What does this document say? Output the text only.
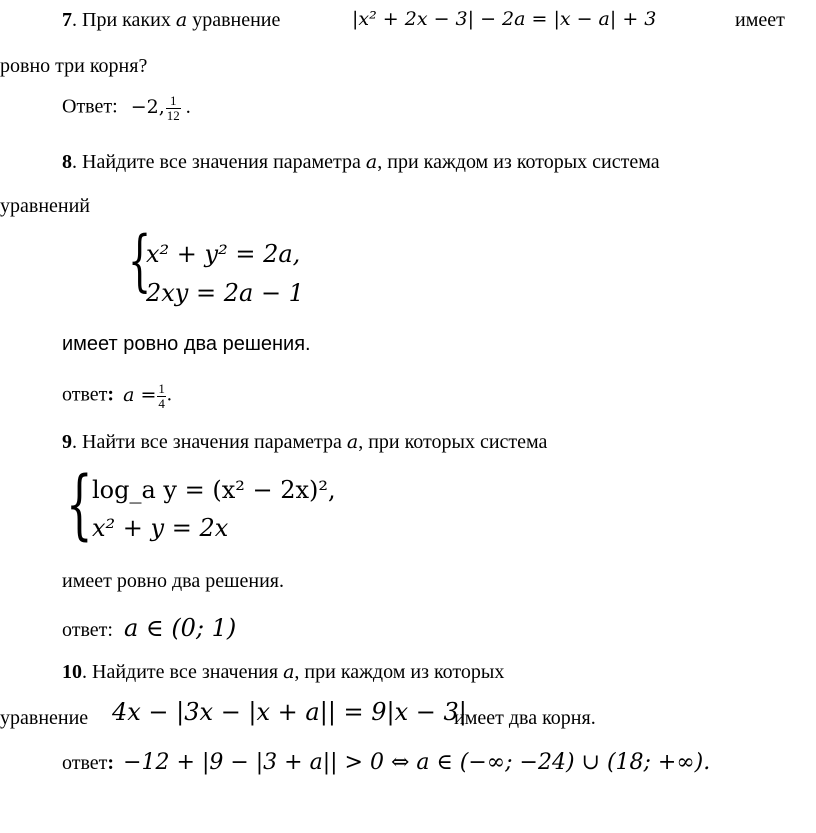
7. При каких a уравнение	|x² + 2x − 3| − 2a = |x − a| + 3	имеет
ровно три корня?
Ответ: −2, $\frac{1}{12}$ .
8. Найдите все значения параметра a, при каждом из которых система
уравнений
{
x² + y² = 2a,
2xy = 2a − 1
имеет ровно два решения.
ответ: $a = \frac{1}{4}$ .
9. Найти все значения параметра a, при которых система
{ log_a y = (x² − 2x)²,
x² + y = 2x
имеет ровно два решения.
ответ: a ∈ (0; 1)
10. Найдите все значения a, при каждом из которых
уравнение 4x − |3x − |x + a|| = 9|x − 3|
имеет два корня.
ответ: −12 + |9 − |3 + a|| > 0 ⇔ a ∈ (−∞; −24) ∪ (18; +∞).
